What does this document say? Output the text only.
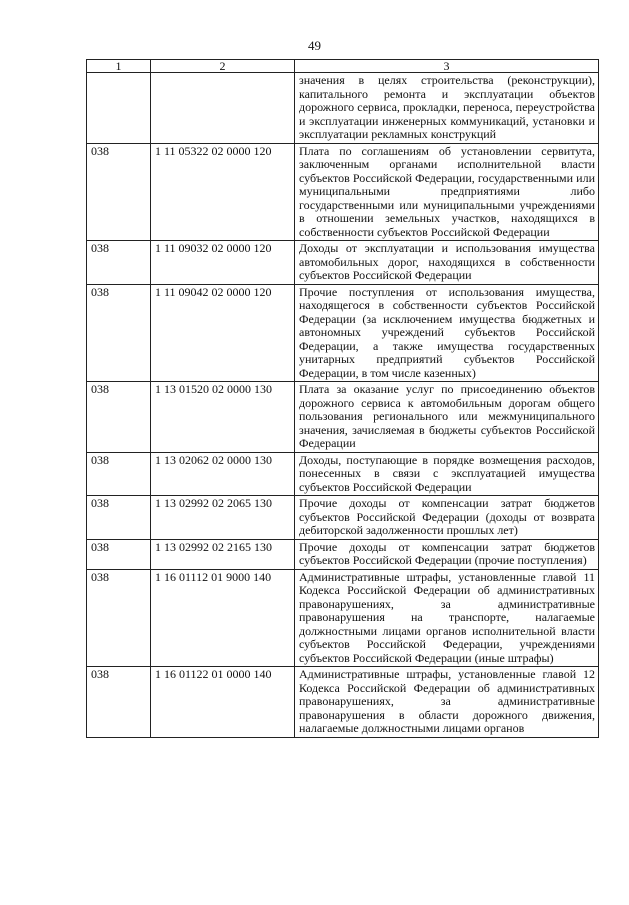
49
1	2	3
		значения в целях строительства (реконструкции), капитального ремонта и эксплуатации объектов дорожного сервиса, прокладки, переноса, переустройства и эксплуатации инженерных коммуникаций, установки и эксплуатации рекламных конструкций
038	1 11 05322 02 0000 120	Плата по соглашениям об установлении сервитута, заключенным органами исполнительной власти субъектов Российской Федерации, государственными или муниципальными предприятиями либо государственными или муниципальными учреждениями в отношении земельных участков, находящихся в собственности субъектов Российской Федерации
038	1 11 09032 02 0000 120	Доходы от эксплуатации и использования имущества автомобильных дорог, находящихся в собственности субъектов Российской Федерации
038	1 11 09042 02 0000 120	Прочие поступления от использования имущества, находящегося в собственности субъектов Российской Федерации (за исключением имущества бюджетных и автономных учреждений субъектов Российской Федерации, а также имущества государственных унитарных предприятий субъектов Российской Федерации, в том числе казенных)
038	1 13 01520 02 0000 130	Плата за оказание услуг по присоединению объектов дорожного сервиса к автомобильным дорогам общего пользования регионального или межмуниципального значения, зачисляемая в бюджеты субъектов Российской Федерации
038	1 13 02062 02 0000 130	Доходы, поступающие в порядке возмещения расходов, понесенных в связи с эксплуатацией имущества субъектов Российской Федерации
038	1 13 02992 02 2065 130	Прочие доходы от компенсации затрат бюджетов субъектов Российской Федерации (доходы от возврата дебиторской задолженности прошлых лет)
038	1 13 02992 02 2165 130	Прочие доходы от компенсации затрат бюджетов субъектов Российской Федерации (прочие поступления)
038	1 16 01112 01 9000 140	Административные штрафы, установленные главой 11 Кодекса Российской Федерации об административных правонарушениях, за административные правонарушения на транспорте, налагаемые должностными лицами органов исполнительной власти субъектов Российской Федерации, учреждениями субъектов Российской Федерации (иные штрафы)
038	1 16 01122 01 0000 140	Административные штрафы, установленные главой 12 Кодекса Российской Федерации об административных правонарушениях, за административные правонарушения в области дорожного движения, налагаемые должностными лицами органов
